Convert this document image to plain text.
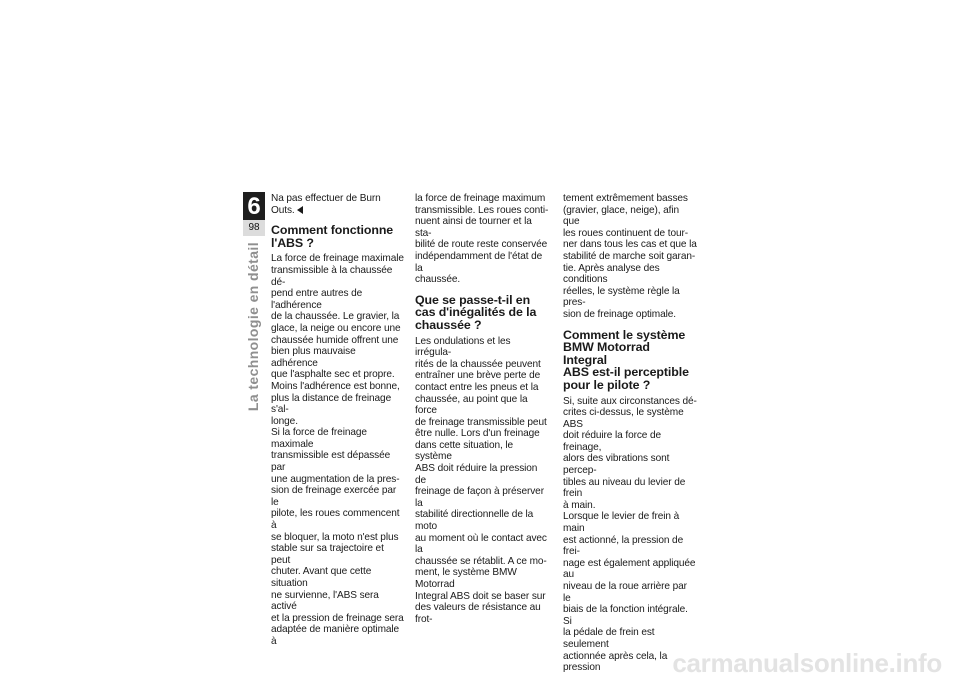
6
98
La technologie en détail

Na pas effectuer de Burn Outs.

Comment fonctionne
l'ABS ?

La force de freinage maximale
transmissible à la chaussée dé-
pend entre autres de l'adhérence
de la chaussée. Le gravier, la
glace, la neige ou encore une
chaussée humide offrent une
bien plus mauvaise adhérence
que l'asphalte sec et propre.
Moins l'adhérence est bonne,
plus la distance de freinage s'al-
longe.
Si la force de freinage maximale
transmissible est dépassée par
une augmentation de la pres-
sion de freinage exercée par le
pilote, les roues commencent à
se bloquer, la moto n'est plus
stable sur sa trajectoire et peut
chuter. Avant que cette situation
ne survienne, l'ABS sera activé
et la pression de freinage sera
adaptée de manière optimale à

la force de freinage maximum
transmissible. Les roues conti-
nuent ainsi de tourner et la sta-
bilité de route reste conservée
indépendamment de l'état de la
chaussée.

Que se passe-t-il en
cas d'inégalités de la
chaussée ?

Les ondulations et les irrégula-
rités de la chaussée peuvent
entraîner une brève perte de
contact entre les pneus et la
chaussée, au point que la force
de freinage transmissible peut
être nulle. Lors d'un freinage
dans cette situation, le système
ABS doit réduire la pression de
freinage de façon à préserver la
stabilité directionnelle de la moto
au moment où le contact avec la
chaussée se rétablit. A ce mo-
ment, le système BMW Motorrad
Integral ABS doit se baser sur
des valeurs de résistance au frot-

tement extrêmement basses
(gravier, glace, neige), afin que
les roues continuent de tour-
ner dans tous les cas et que la
stabilité de marche soit garan-
tie. Après analyse des conditions
réelles, le système règle la pres-
sion de freinage optimale.

Comment le système
BMW Motorrad Integral
ABS est-il perceptible
pour le pilote ?

Si, suite aux circonstances dé-
crites ci-dessus, le système ABS
doit réduire la force de freinage,
alors des vibrations sont percep-
tibles au niveau du levier de frein
à main.
Lorsque le levier de frein à main
est actionné, la pression de frei-
nage est également appliquée au
niveau de la roue arrière par le
biais de la fonction intégrale. Si
la pédale de frein est seulement
actionnée après cela, la pression	carmanualsonline.info
